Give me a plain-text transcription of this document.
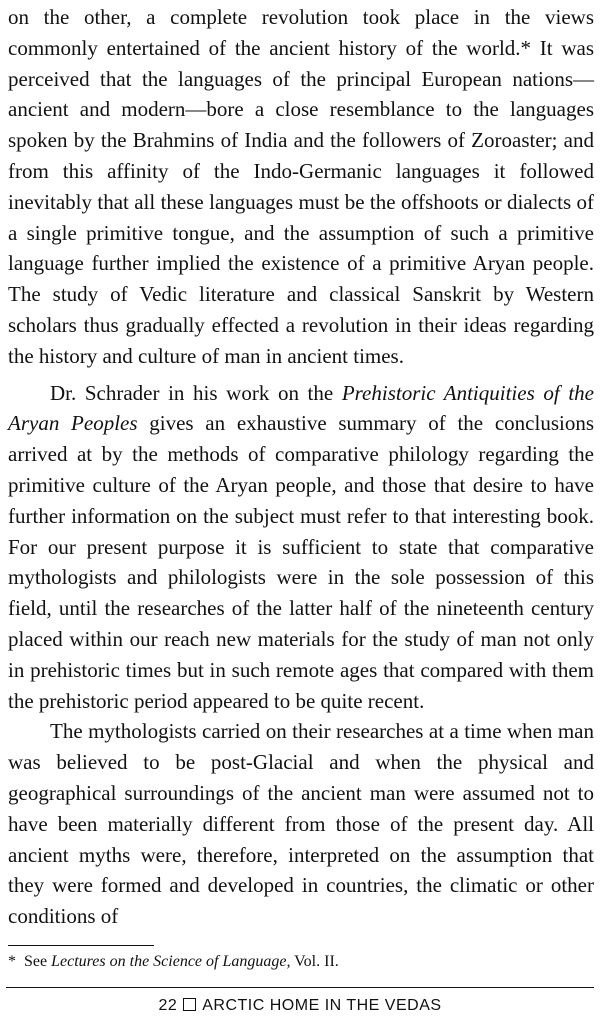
on the other, a complete revolution took place in the views commonly entertained of the ancient history of the world.* It was perceived that the languages of the principal European nations—ancient and modern—bore a close resemblance to the languages spoken by the Brahmins of India and the followers of Zoroaster; and from this affinity of the Indo-Germanic languages it followed inevitably that all these languages must be the offshoots or dialects of a single primitive tongue, and the assumption of such a primitive language further implied the existence of a primitive Aryan people. The study of Vedic literature and classical Sanskrit by Western scholars thus gradually effected a revolution in their ideas regarding the history and culture of man in ancient times.

Dr. Schrader in his work on the Prehistoric Antiquities of the Aryan Peoples gives an exhaustive summary of the conclusions arrived at by the methods of comparative philology regarding the primitive culture of the Aryan people, and those that desire to have further information on the subject must refer to that interesting book. For our present purpose it is sufficient to state that comparative mythologists and philologists were in the sole possession of this field, until the researches of the latter half of the nineteenth century placed within our reach new materials for the study of man not only in prehistoric times but in such remote ages that compared with them the prehistoric period appeared to be quite recent.

The mythologists carried on their researches at a time when man was believed to be post-Glacial and when the physical and geographical surroundings of the ancient man were assumed not to have been materially different from those of the present day. All ancient myths were, therefore, interpreted on the assumption that they were formed and developed in countries, the climatic or other conditions of

* See Lectures on the Science of Language, Vol. II.
22 ARCTIC HOME IN THE VEDAS
